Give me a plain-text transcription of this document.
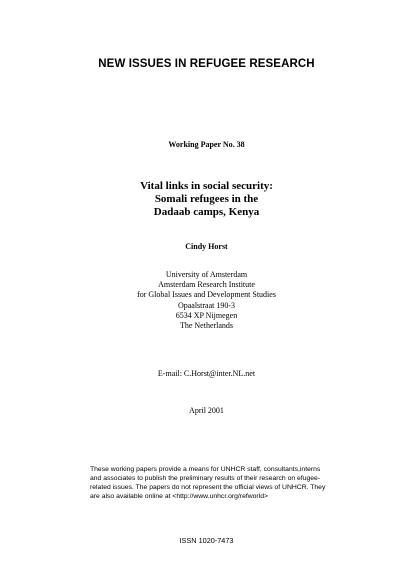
NEW ISSUES IN REFUGEE RESEARCH
Working Paper No. 38
Vital links in social security:
Somali refugees in the
Dadaab camps, Kenya
Cindy Horst
University of Amsterdam
Amsterdam Research Institute
for Global Issues and Development Studies
Opaalstraat 190-3
6534 XP Nijmegen
The Netherlands
E-mail: C.Horst@inter.NL.net
April 2001
These working papers provide a means for UNHCR staff, consultants,interns
and associates to publish the preliminary results of their research on efugee-
related issues. The papers do not represent the official views of UNHCR. They
are also available online at <http://www.unhcr.org/refworld>
ISSN 1020-7473
